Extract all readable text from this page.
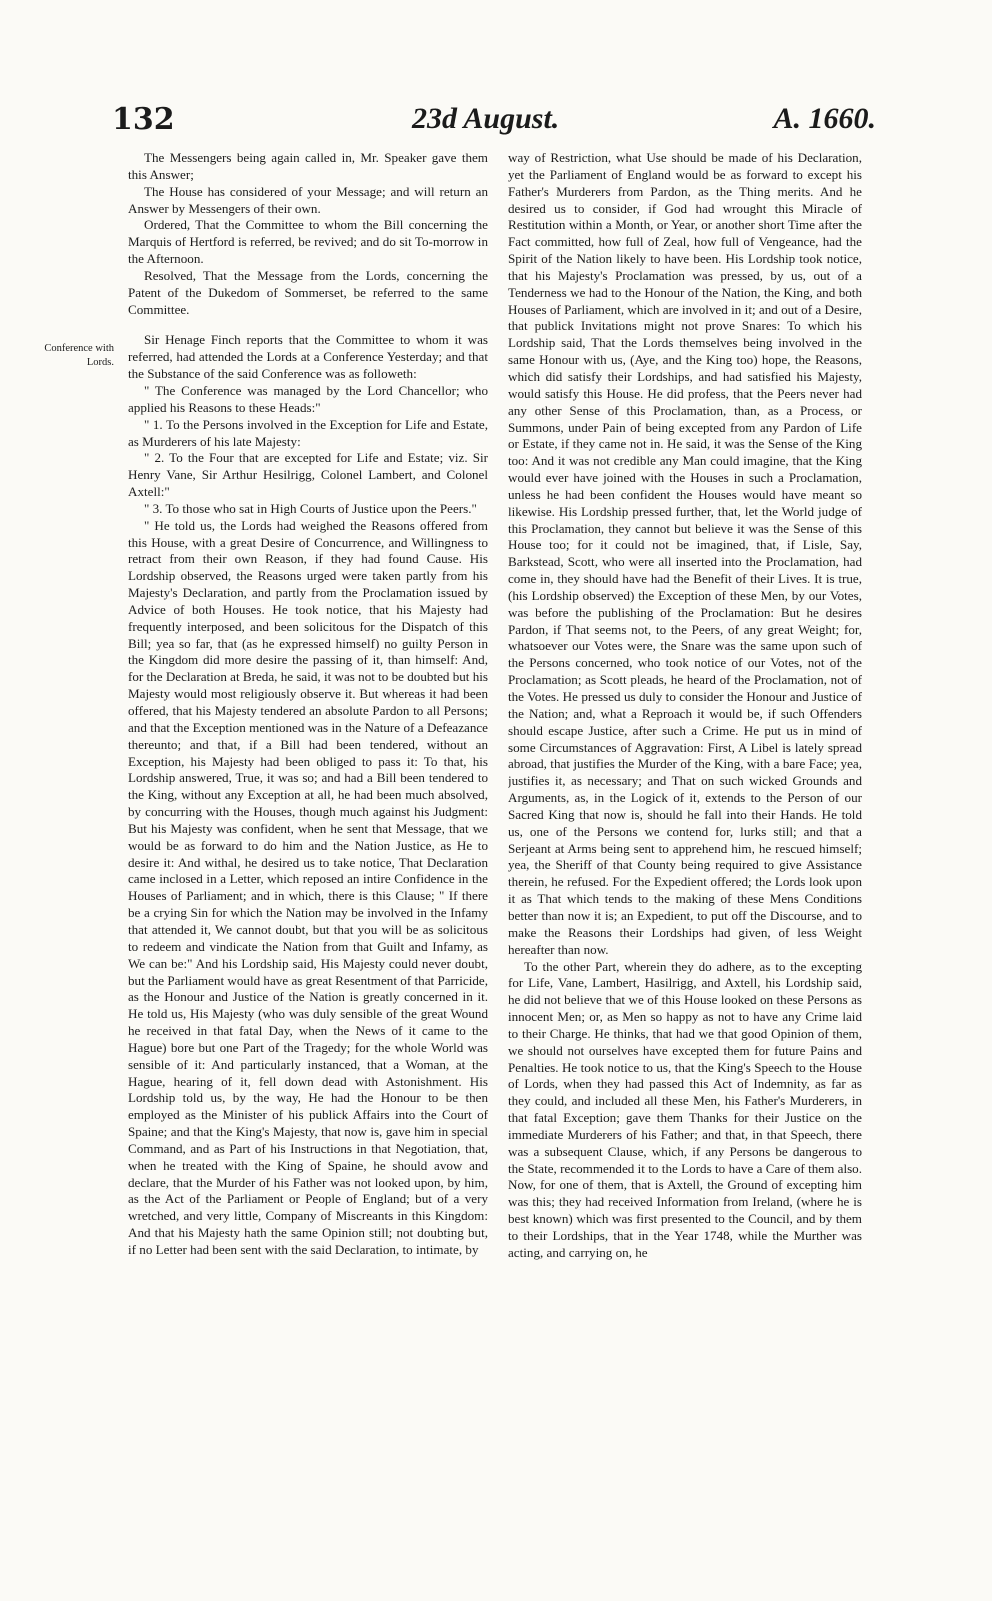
132	23d August.	A. 1660.
Conference with Lords.

The Messengers being again called in, Mr. Speaker gave them this Answer;

The House has considered of your Message; and will return an Answer by Messengers of their own.

Ordered, That the Committee to whom the Bill concerning the Marquis of Hertford is referred, be revived; and do sit To-morrow in the Afternoon.

Resolved, That the Message from the Lords, concerning the Patent of the Dukedom of Sommerset, be referred to the same Committee.

Sir Henage Finch reports that the Committee to whom it was referred, had attended the Lords at a Conference Yesterday; and that the Substance of the said Conference was as followeth:

" The Conference was managed by the Lord Chancellor; who applied his Reasons to these Heads:"

" 1. To the Persons involved in the Exception for Life and Estate, as Murderers of his late Majesty:

" 2. To the Four that are excepted for Life and Estate; viz. Sir Henry Vane, Sir Arthur Hesilrigg, Colonel Lambert, and Colonel Axtell:"

" 3. To those who sat in High Courts of Justice upon the Peers."

" He told us, the Lords had weighed the Reasons offered from this House, with a great Desire of Concurrence, and Willingness to retract from their own Reason, if they had found Cause. His Lordship observed, the Reasons urged were taken partly from his Majesty's Declaration, and partly from the Proclamation issued by Advice of both Houses. He took notice, that his Majesty had frequently interposed, and been solicitous for the Dispatch of this Bill; yea so far, that (as he expressed himself) no guilty Person in the Kingdom did more desire the passing of it, than himself: And, for the Declaration at Breda, he said, it was not to be doubted but his Majesty would most religiously observe it. But whereas it had been offered, that his Majesty tendered an absolute Pardon to all Persons; and that the Exception mentioned was in the Nature of a Defeazance thereunto; and that, if a Bill had been tendered, without an Exception, his Majesty had been obliged to pass it: To that, his Lordship answered, True, it was so; and had a Bill been tendered to the King, without any Exception at all, he had been much absolved, by concurring with the Houses, though much against his Judgment: But his Majesty was confident, when he sent that Message, that we would be as forward to do him and the Nation Justice, as He to desire it: And withal, he desired us to take notice, That Declaration came inclosed in a Letter, which reposed an intire Confidence in the Houses of Parliament; and in which, there is this Clause; " If there be a crying Sin for which the Nation may be involved in the Infamy that attended it, We cannot doubt, but that you will be as solicitous to redeem and vindicate the Nation from that Guilt and Infamy, as We can be:" And his Lordship said, His Majesty could never doubt, but the Parliament would have as great Resentment of that Parricide, as the Honour and Justice of the Nation is greatly concerned in it. He told us, His Majesty (who was duly sensible of the great Wound he received in that fatal Day, when the News of it came to the Hague) bore but one Part of the Tragedy; for the whole World was sensible of it: And particularly instanced, that a Woman, at the Hague, hearing of it, fell down dead with Astonishment. His Lordship told us, by the way, He had the Honour to be then employed as the Minister of his publick Affairs into the Court of Spaine; and that the King's Majesty, that now is, gave him in special Command, and as Part of his Instructions in that Negotiation, that, when he treated with the King of Spaine, he should avow and declare, that the Murder of his Father was not looked upon, by him, as the Act of the Parliament or People of England; but of a very wretched, and very little, Company of Miscreants in this Kingdom: And that his Majesty hath the same Opinion still; not doubting but, if no Letter had been sent with the said Declaration, to intimate, by

way of Restriction, what Use should be made of his Declaration, yet the Parliament of England would be as forward to except his Father's Murderers from Pardon, as the Thing merits. And he desired us to consider, if God had wrought this Miracle of Restitution within a Month, or Year, or another short Time after the Fact committed, how full of Zeal, how full of Vengeance, had the Spirit of the Nation likely to have been. His Lordship took notice, that his Majesty's Proclamation was pressed, by us, out of a Tenderness we had to the Honour of the Nation, the King, and both Houses of Parliament, which are involved in it; and out of a Desire, that publick Invitations might not prove Snares: To which his Lordship said, That the Lords themselves being involved in the same Honour with us, (Aye, and the King too) hope, the Reasons, which did satisfy their Lordships, and had satisfied his Majesty, would satisfy this House. He did profess, that the Peers never had any other Sense of this Proclamation, than, as a Process, or Summons, under Pain of being excepted from any Pardon of Life or Estate, if they came not in. He said, it was the Sense of the King too: And it was not credible any Man could imagine, that the King would ever have joined with the Houses in such a Proclamation, unless he had been confident the Houses would have meant so likewise. His Lordship pressed further, that, let the World judge of this Proclamation, they cannot but believe it was the Sense of this House too; for it could not be imagined, that, if Lisle, Say, Barkstead, Scott, who were all inserted into the Proclamation, had come in, they should have had the Benefit of their Lives. It is true, (his Lordship observed) the Exception of these Men, by our Votes, was before the publishing of the Proclamation: But he desires Pardon, if That seems not, to the Peers, of any great Weight; for, whatsoever our Votes were, the Snare was the same upon such of the Persons concerned, who took notice of our Votes, not of the Proclamation; as Scott pleads, he heard of the Proclamation, not of the Votes. He pressed us duly to consider the Honour and Justice of the Nation; and, what a Reproach it would be, if such Offenders should escape Justice, after such a Crime. He put us in mind of some Circumstances of Aggravation: First, A Libel is lately spread abroad, that justifies the Murder of the King, with a bare Face; yea, justifies it, as necessary; and That on such wicked Grounds and Arguments, as, in the Logick of it, extends to the Person of our Sacred King that now is, should he fall into their Hands. He told us, one of the Persons we contend for, lurks still; and that a Serjeant at Arms being sent to apprehend him, he rescued himself; yea, the Sheriff of that County being required to give Assistance therein, he refused. For the Expedient offered; the Lords look upon it as That which tends to the making of these Mens Conditions better than now it is; an Expedient, to put off the Discourse, and to make the Reasons their Lordships had given, of less Weight hereafter than now.

To the other Part, wherein they do adhere, as to the excepting for Life, Vane, Lambert, Hasilrigg, and Axtell, his Lordship said, he did not believe that we of this House looked on these Persons as innocent Men; or, as Men so happy as not to have any Crime laid to their Charge. He thinks, that had we that good Opinion of them, we should not ourselves have excepted them for future Pains and Penalties. He took notice to us, that the King's Speech to the House of Lords, when they had passed this Act of Indemnity, as far as they could, and included all these Men, his Father's Murderers, in that fatal Exception; gave them Thanks for their Justice on the immediate Murderers of his Father; and that, in that Speech, there was a subsequent Clause, which, if any Persons be dangerous to the State, recommended it to the Lords to have a Care of them also. Now, for one of them, that is Axtell, the Ground of excepting him was this; they had received Information from Ireland, (where he is best known) which was first presented to the Council, and by them to their Lordships, that in the Year 1748, while the Murther was acting, and carrying on, he
